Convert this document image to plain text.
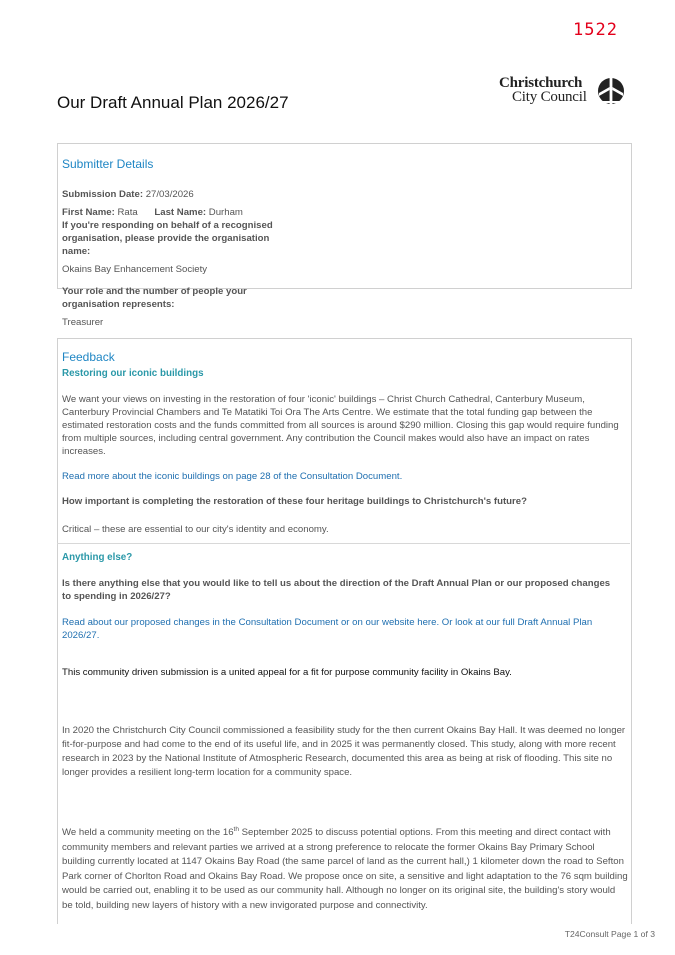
1522
Our Draft Annual Plan 2026/27
Christchurch
City Council
Submitter Details
Submission Date: 27/03/2026
First Name: Rata Last Name: Durham
If you're responding on behalf of a recognised organisation, please provide the organisation name:
Okains Bay Enhancement Society
Your role and the number of people your organisation represents:
Treasurer
Feedback
Restoring our iconic buildings
We want your views on investing in the restoration of four 'iconic' buildings – Christ Church Cathedral, Canterbury Museum, Canterbury Provincial Chambers and Te Matatiki Toi Ora The Arts Centre. We estimate that the total funding gap between the estimated restoration costs and the funds committed from all sources is around $290 million. Closing this gap would require funding from multiple sources, including central government. Any contribution the Council makes would also have an impact on rates increases.
Read more about the iconic buildings on page 28 of the Consultation Document.
How important is completing the restoration of these four heritage buildings to Christchurch's future?
Critical – these are essential to our city's identity and economy.
Anything else?
Is there anything else that you would like to tell us about the direction of the Draft Annual Plan or our proposed changes to spending in 2026/27?
Read about our proposed changes in the Consultation Document or on our website here. Or look at our full Draft Annual Plan 2026/27.
This community driven submission is a united appeal for a fit for purpose community facility in Okains Bay.
In 2020 the Christchurch City Council commissioned a feasibility study for the then current Okains Bay Hall. It was deemed no longer fit-for-purpose and had come to the end of its useful life, and in 2025 it was permanently closed. This study, along with more recent research in 2023 by the National Institute of Atmospheric Research, documented this area as being at risk of flooding. This site no longer provides a resilient long-term location for a community space.
We held a community meeting on the 16th September 2025 to discuss potential options. From this meeting and direct contact with community members and relevant parties we arrived at a strong preference to relocate the former Okains Bay Primary School building currently located at 1147 Okains Bay Road (the same parcel of land as the current hall,) 1 kilometer down the road to Sefton Park corner of Chorlton Road and Okains Bay Road. We propose once on site, a sensitive and light adaptation to the 76 sqm building would be carried out, enabling it to be used as our community hall. Although no longer on its original site, the building's story would be told, building new layers of history with a new invigorated purpose and connectivity.
T24Consult Page 1 of 3
